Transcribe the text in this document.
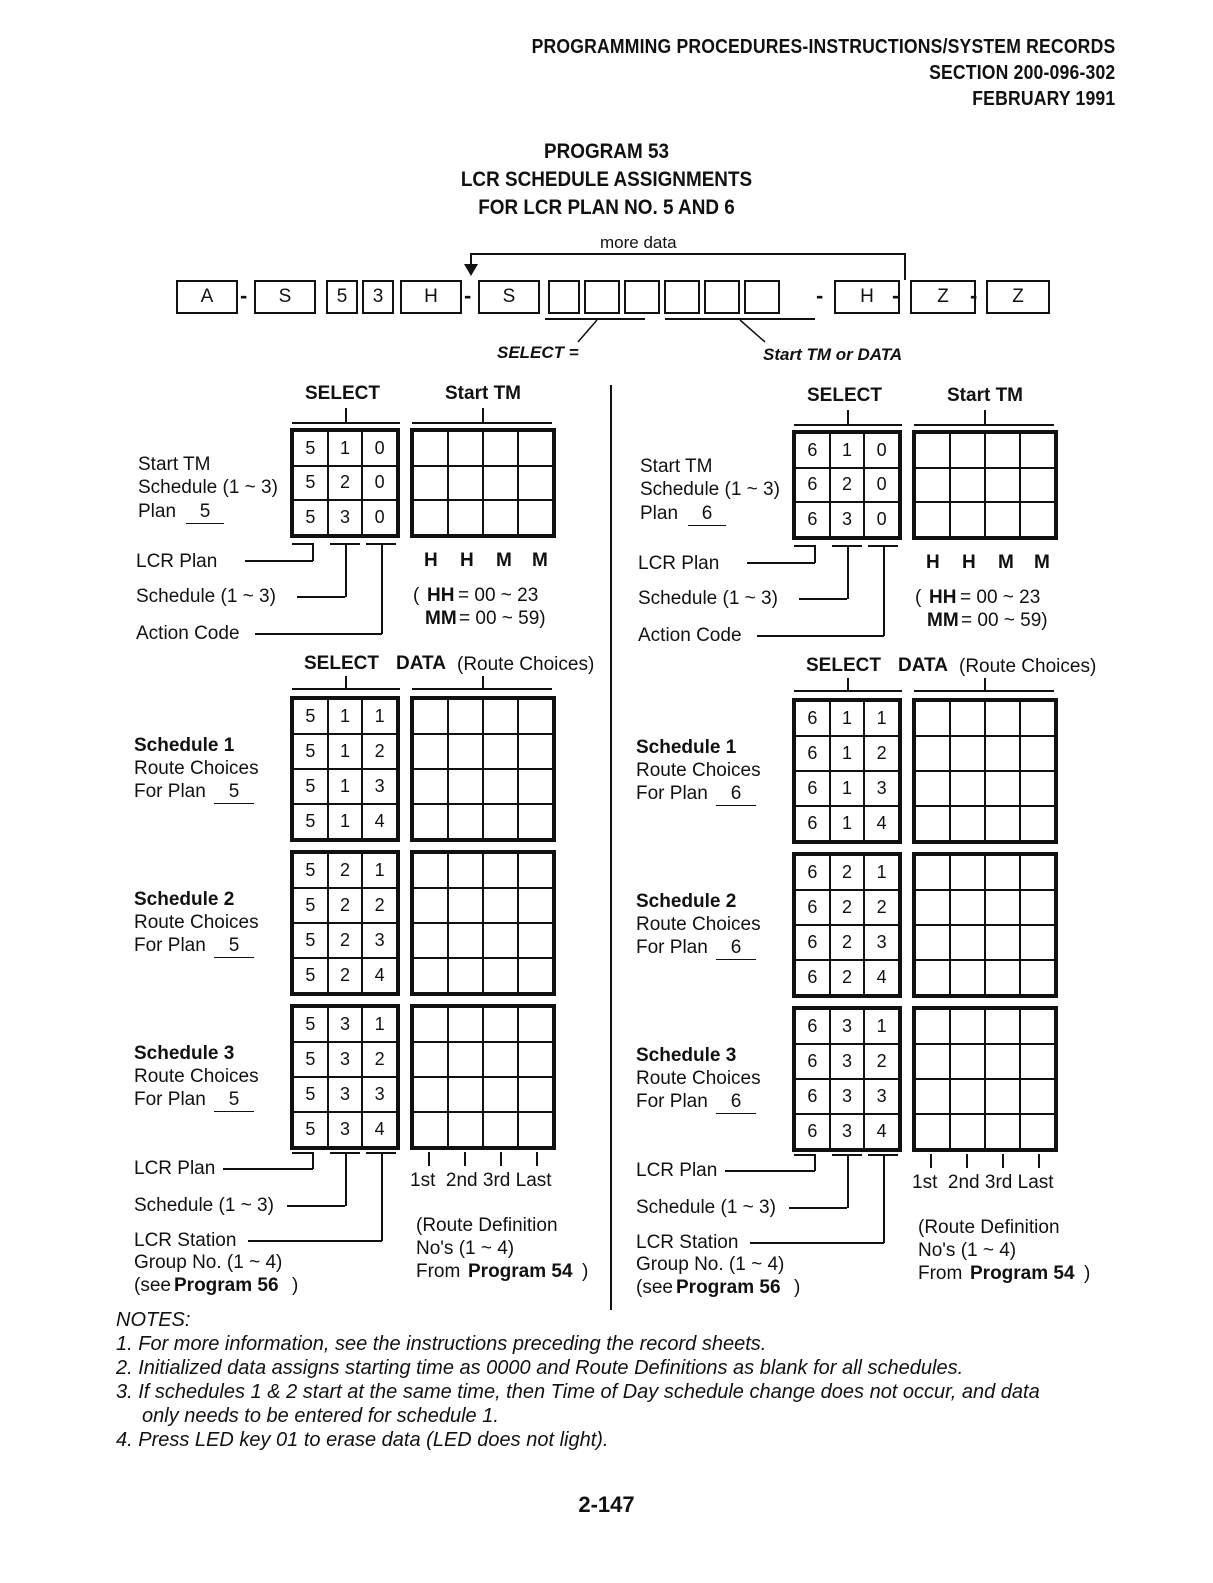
PROGRAMMING PROCEDURES-INSTRUCTIONS/SYSTEM RECORDS
SECTION 200-096-302
FEBRUARY 1991
PROGRAM 53
LCR SCHEDULE ASSIGNMENTS
FOR LCR PLAN NO. 5 AND 6
more data
A	S	5	3	H	S	H	Z	Z
-	-	-	-	-
SELECT =	Start TM or DATA
SELECT	Start TM
Start TM
Schedule (1 ~ 3)
Plan	5
5	1	0
5	2	0
5	3	0
H H M M
( HH = 00 ~ 23
MM = 00 ~ 59)
LCR Plan
Schedule (1 ~ 3)
Action Code
SELECT DATA (Route Choices)
Schedule 1
Route Choices
For Plan	5
5	1	1
5	1	2
5	1	3
5	1	4
Schedule 2
Route Choices
For Plan	5
5	2	1
5	2	2
5	2	3
5	2	4
Schedule 3
Route Choices
For Plan	5
5	3	1
5	3	2
5	3	3
5	3	4
LCR Plan
Schedule (1 ~ 3)
LCR Station
Group No. (1 ~ 4)
(see Program 56 )
1st  2nd 3rd Last
(Route Definition
No's (1 ~ 4)
From Program 54 )
SELECT	Start TM
Start TM
Schedule (1 ~ 3)
Plan	6
6	1	0
6	2	0
6	3	0
H H M M
( HH = 00 ~ 23
MM = 00 ~ 59)
LCR Plan
Schedule (1 ~ 3)
Action Code
SELECT DATA (Route Choices)
Schedule 1
Route Choices
For Plan	6
6	1	1
6	1	2
6	1	3
6	1	4
Schedule 2
Route Choices
For Plan	6
6	2	1
6	2	2
6	2	3
6	2	4
Schedule 3
Route Choices
For Plan	6
6	3	1
6	3	2
6	3	3
6	3	4
LCR Plan
Schedule (1 ~ 3)
LCR Station
Group No. (1 ~ 4)
(see Program 56 )
1st  2nd 3rd Last
(Route Definition
No's (1 ~ 4)
From Program 54 )
NOTES:
1. For more information, see the instructions preceding the record sheets.
2. Initialized data assigns starting time as 0000 and Route Definitions as blank for all schedules.
3. If schedules 1 & 2 start at the same time, then Time of Day schedule change does not occur, and data
only needs to be entered for schedule 1.
4. Press LED key 01 to erase data (LED does not light).
2-147
